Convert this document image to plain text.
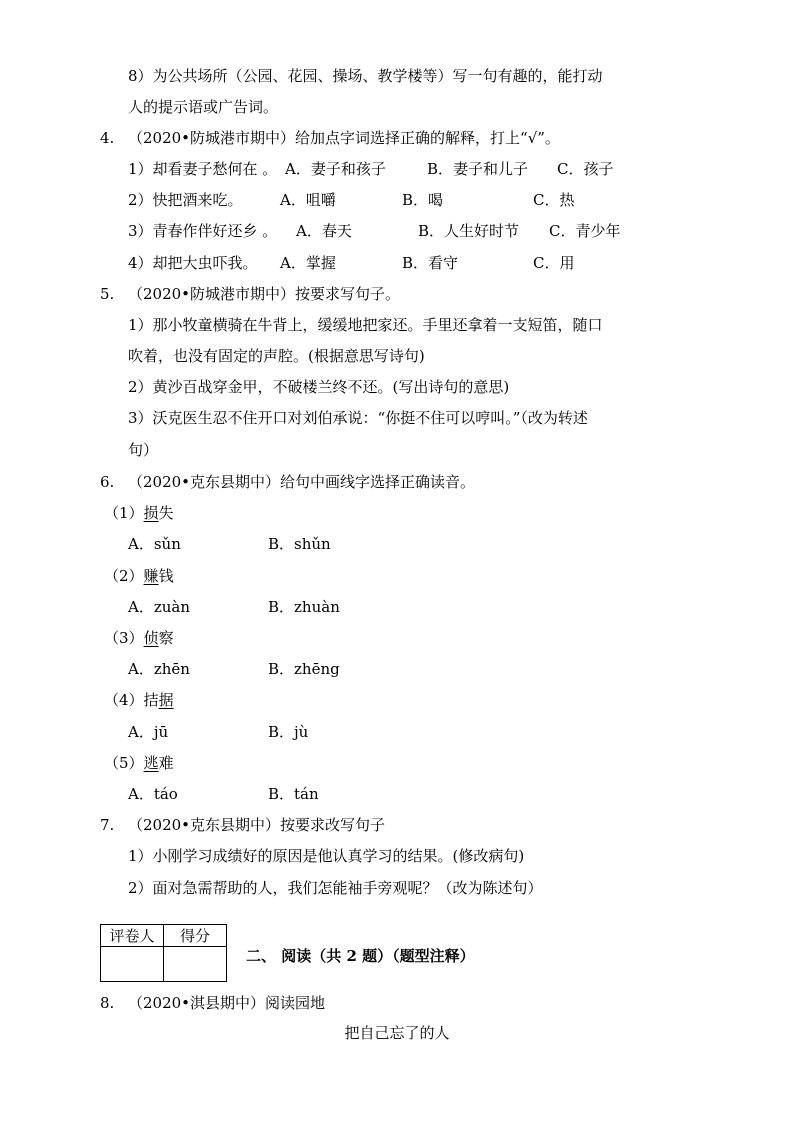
8）为公共场所（公园、花园、操场、教学楼等）写一句有趣的，能打动
人的提示语或广告词。
4. （2020•防城港市期中）给加点字词选择正确的解释，打上“√”。
1）却看妻子愁何在 。 A．妻子和孩子	B．妻子和儿子 C．孩子
2）快把酒来吃。 A．咀嚼	B．喝	C．热
3）青春作伴好还乡 。 A．春天	B．人生好时节 C．青少年
4）却把大虫吓我。 A．掌握	B．看守	C．用
5. （2020•防城港市期中）按要求写句子。
1）那小牧童横骑在牛背上，缓缓地把家还。手里还拿着一支短笛，随口
吹着，也没有固定的声腔。(根据意思写诗句)
2）黄沙百战穿金甲，不破楼兰终不还。(写出诗句的意思)
3）沃克医生忍不住开口对刘伯承说：“你挺不住可以哼叫。”（改为转述
句）
6. （2020•克东县期中）给句中画线字选择正确读音。
（1）损失
A．sǔn	B．shǔn
（2）赚钱
A．zuàn	B．zhuàn
（3）侦察
A．zhēn	B．zhēng
（4）拮据
A．jū	B．jù
（5）逃难
A．táo	B．tán
7. （2020•克东县期中）按要求改写句子
1）小刚学习成绩好的原因是他认真学习的结果。(修改病句)
2）面对急需帮助的人，我们怎能袖手旁观呢？（改为陈述句）
评卷人	得分

二、 阅读（共 2 题）（题型注释）
8. （2020•淇县期中）阅读园地
把自己忘了的人
